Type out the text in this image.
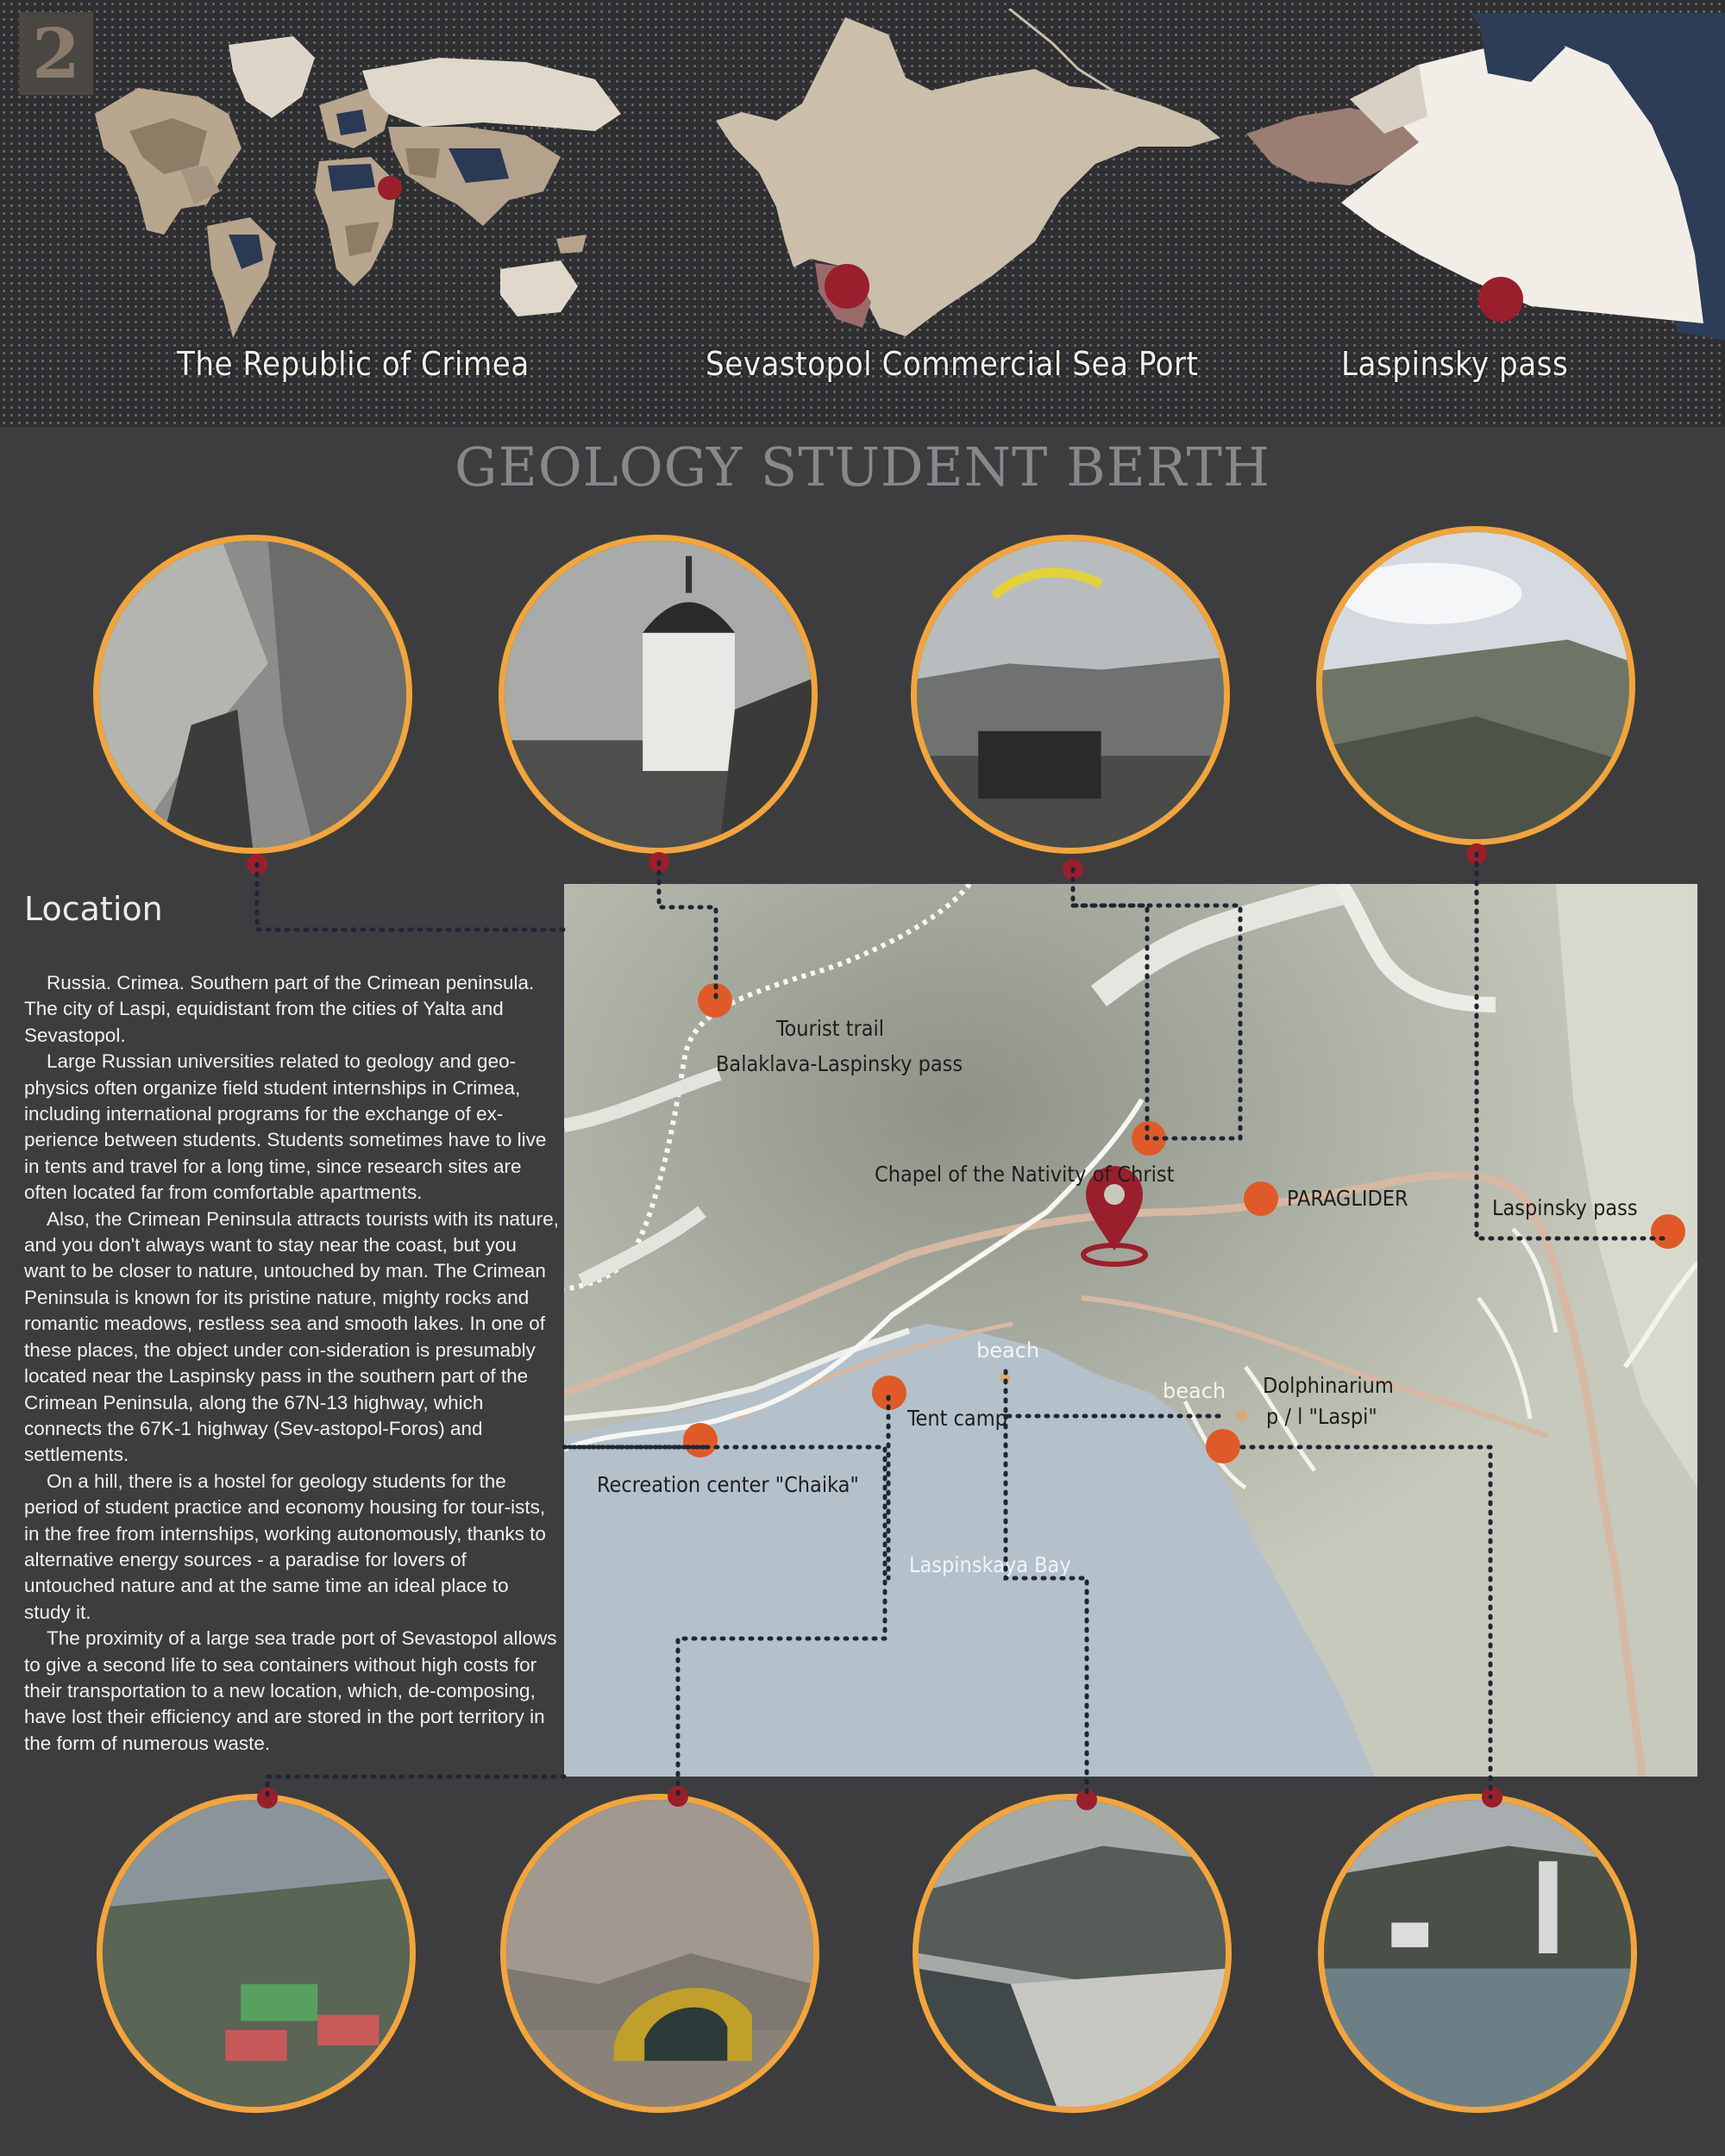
2
The Republic of Crimea	Sevastopol Commercial Sea Port	Laspinsky pass
GEOLOGY STUDENT BERTH
Location

Russia. Crimea. Southern part of the Crimean peninsula. The city of Laspi, equidistant from the cities of Yalta and Sevastopol.

Large Russian universities related to geology and geo-physics often organize field student internships in Crimea, including international programs for the exchange of ex-perience between students. Students sometimes have to live in tents and travel for a long time, since research sites are often located far from comfortable apartments.

Also, the Crimean Peninsula attracts tourists with its nature, and you don't always want to stay near the coast, but you want to be closer to nature, untouched by man. The Crimean Peninsula is known for its pristine nature, mighty rocks and romantic meadows, restless sea and smooth lakes. In one of these places, the object under con-sideration is presumably located near the Laspinsky pass in the southern part of the Crimean Peninsula, along the 67N-13 highway, which connects the 67K-1 highway (Sev-astopol-Foros) and settlements.

On a hill, there is a hostel for geology students for the period of student practice and economy housing for tour-ists, in the free from internships, working autonomously, thanks to alternative energy sources - a paradise for lovers of untouched nature and at the same time an ideal place to study it.

The proximity of a large sea trade port of Sevastopol allows to give a second life to sea containers without high costs for their transportation to a new location, which, de-composing, have lost their efficiency and are stored in the port territory in the form of numerous waste.

Tourist trail
Balaklava-Laspinsky pass
Chapel of the Nativity of Christ
PARAGLIDER	Laspinsky pass
beach
beach Dolphinarium
p / l "Laspi"
Tent camp
Recreation center "Chaika"
Laspinskaya Bay
